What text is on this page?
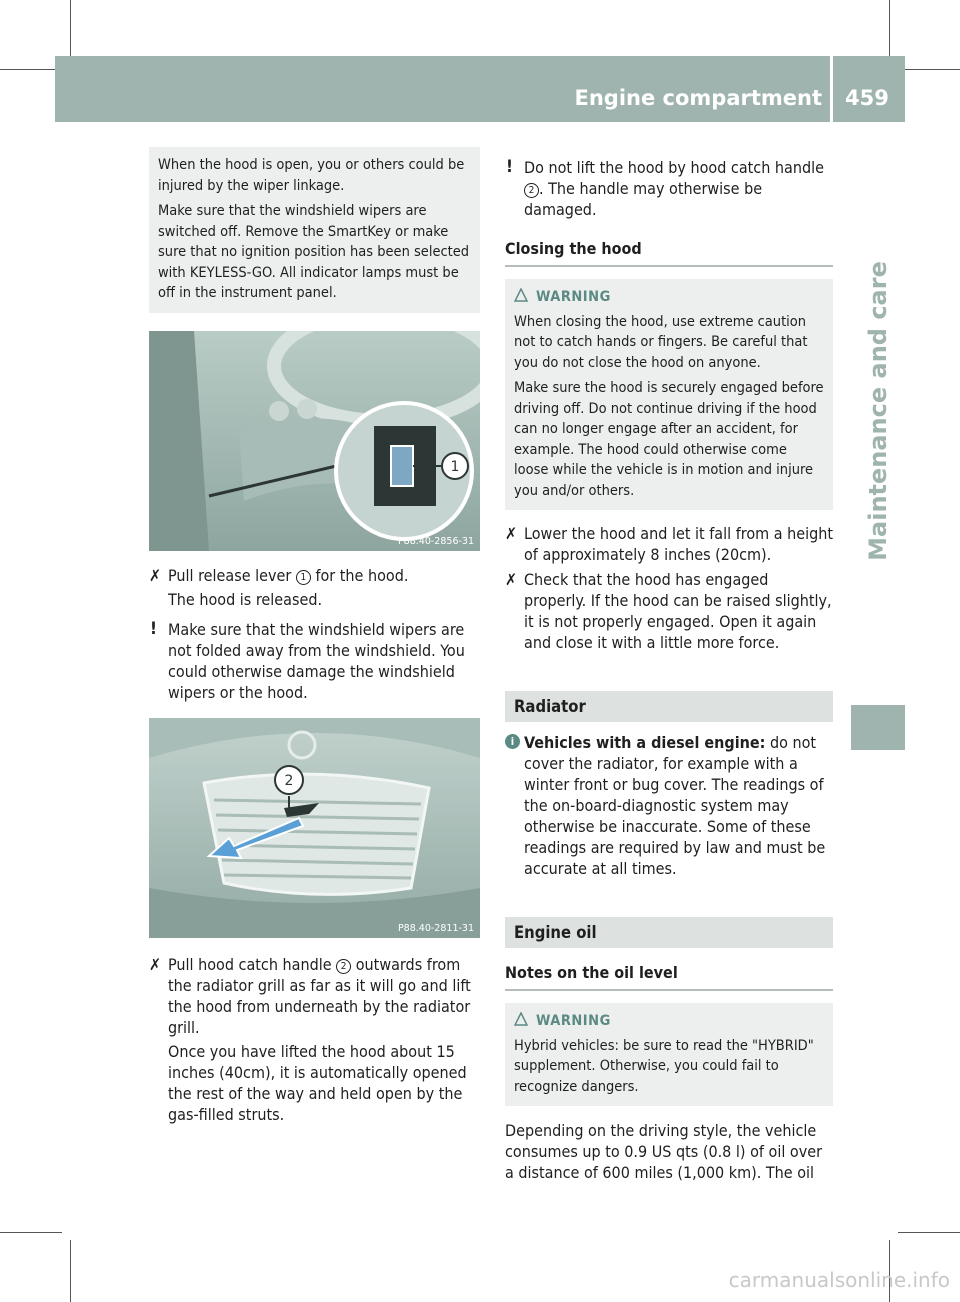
Engine compartment 459
Maintenance and care

When the hood is open, you or others could be injured by the wiper linkage.

Make sure that the windshield wipers are switched off. Remove the SmartKey or make sure that no ignition position has been selected with KEYLESS-GO. All indicator lamps must be off in the instrument panel.

1
P88.40-2856-31
✗ Pull release lever 1 for the hood.

The hood is released.

! Make sure that the windshield wipers are not folded away from the windshield. You could otherwise damage the windshield wipers or the hood.

2
P88.40-2811-31
✗ Pull hood catch handle 2 outwards from the radiator grill as far as it will go and lift the hood from underneath by the radiator grill.

Once you have lifted the hood about 15 inches (40cm), it is automatically opened the rest of the way and held open by the gas-filled struts.

! Do not lift the hood by hood catch handle 2 . The handle may otherwise be damaged.

Closing the hood
WARNING

When closing the hood, use extreme caution not to catch hands or fingers. Be careful that you do not close the hood on anyone.

Make sure the hood is securely engaged before driving off. Do not continue driving if the hood can no longer engage after an accident, for example. The hood could otherwise come loose while the vehicle is in motion and injure you and/or others.

✗ Lower the hood and let it fall from a height of approximately 8 inches (20cm).

✗ Check that the hood has engaged properly. If the hood can be raised slightly, it is not properly engaged. Open it again and close it with a little more force.

Radiator
i Vehicles with a diesel engine: do not cover the radiator, for example with a winter front or bug cover. The readings of the on-board-diagnostic system may otherwise be inaccurate. Some of these readings are required by law and must be accurate at all times.

Engine oil
Notes on the oil level
WARNING

Hybrid vehicles: be sure to read the "HYBRID" supplement. Otherwise, you could fail to recognize dangers.

Depending on the driving style, the vehicle consumes up to 0.9 US qts (0.8 l) of oil over a distance of 600 miles (1,000 km). The oil

carmanualsonline.info
